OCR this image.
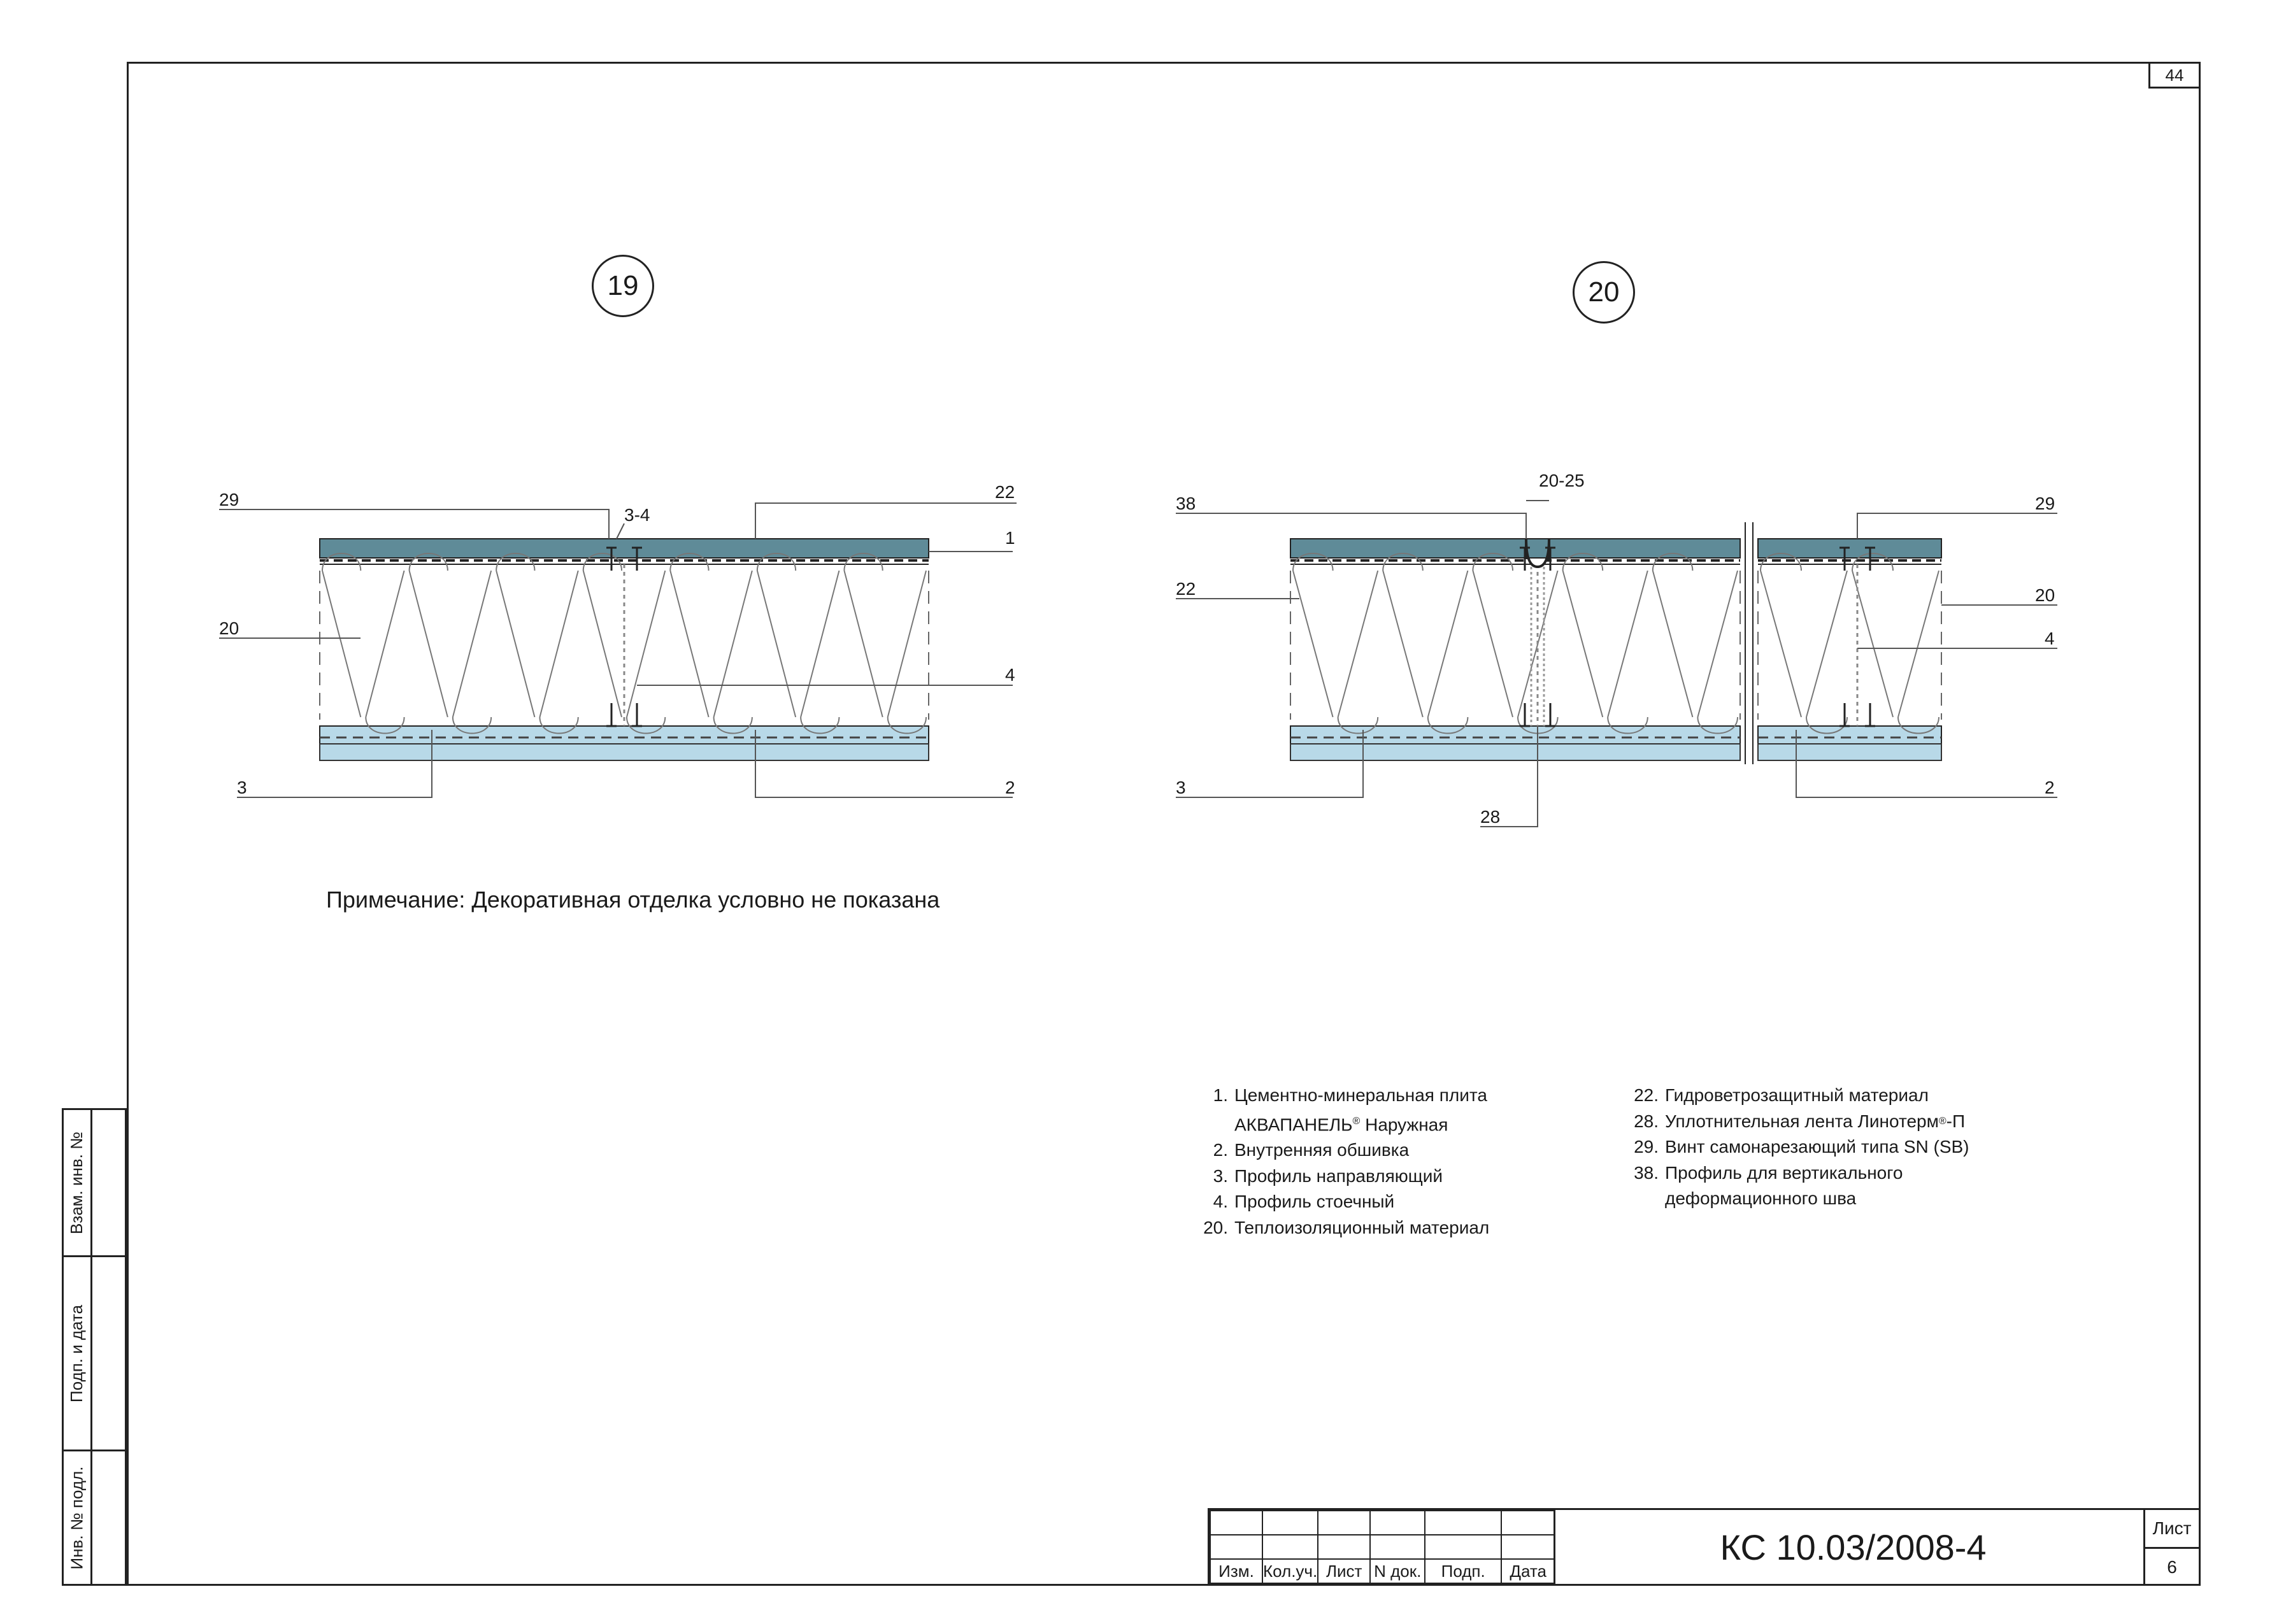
44
19	20
29	22
3-4
1
20
4
3	2
20-25
38	29
22	20
4
3	2
28
Примечание: Декоративная отделка условно не показана
1. Цементно-минеральная плита
АКВАПАНЕЛЬ® Наружная
2. Внутренняя обшивка
3. Профиль направляющий
4. Профиль стоечный
20. Теплоизоляционный материал
22. Гидроветрозащитный материал
28. Уплотнительная лента Линотерм ® -П
29. Винт самонарезающий типа SN (SB)
38. Профиль для вертикального
деформационного шва
Взам. инв. №
Подп. и дата
Инв. № подл.

Изм.	Кол.уч.	Лист	N док.	Подп.	Дата
КС 10.03/2008-4	Лист
6
